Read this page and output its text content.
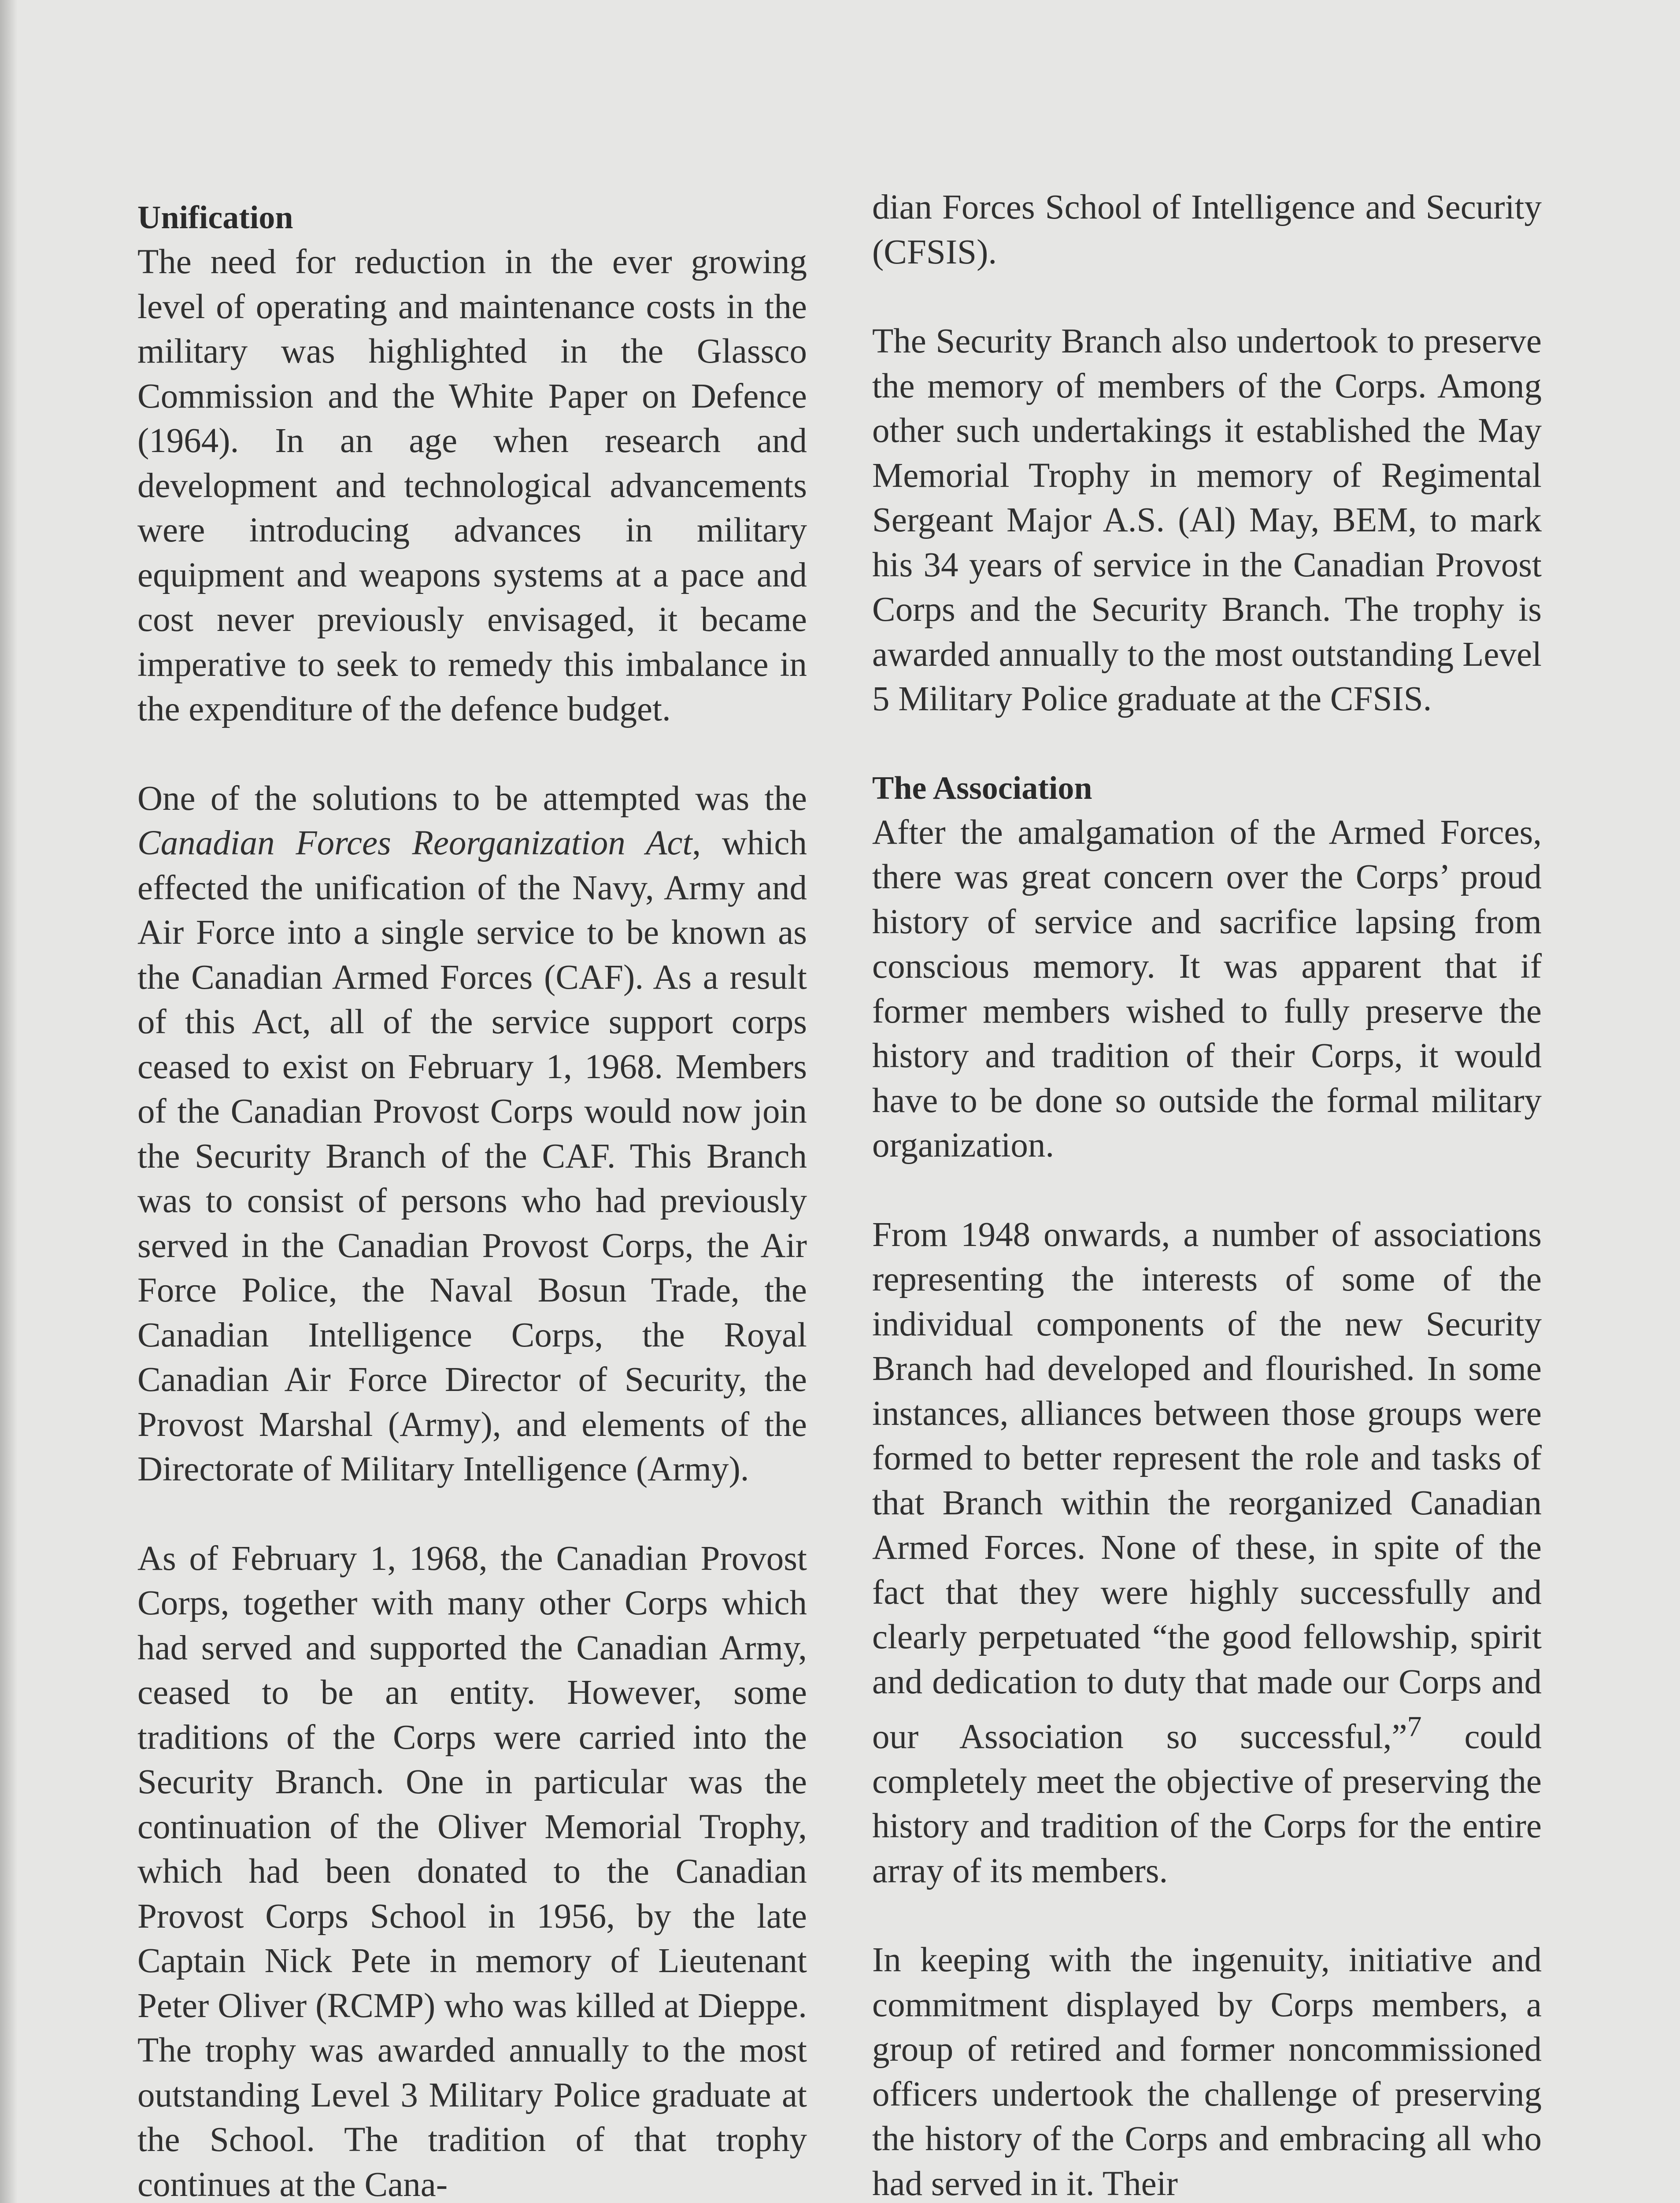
Unification

The need for reduction in the ever growing level of operating and maintenance costs in the military was highlighted in the Glassco Commission and the White Paper on Defence (1964). In an age when research and development and technological advancements were introducing advances in military equipment and weapons systems at a pace and cost never previously envisaged, it became imperative to seek to remedy this imbalance in the expenditure of the defence budget.

One of the solutions to be attempted was the Canadian Forces Reorganization Act, which effected the unification of the Navy, Army and Air Force into a single service to be known as the Canadian Armed Forces (CAF). As a result of this Act, all of the service support corps ceased to exist on February 1, 1968. Members of the Canadian Provost Corps would now join the Security Branch of the CAF. This Branch was to consist of persons who had previously served in the Canadian Provost Corps, the Air Force Police, the Naval Bosun Trade, the Canadian Intelligence Corps, the Royal Canadian Air Force Director of Security, the Provost Marshal (Army), and elements of the Directorate of Military Intelligence (Army).

As of February 1, 1968, the Canadian Provost Corps, together with many other Corps which had served and supported the Canadian Army, ceased to be an entity. However, some traditions of the Corps were carried into the Security Branch. One in particular was the continuation of the Oliver Memorial Trophy, which had been donated to the Canadian Provost Corps School in 1956, by the late Captain Nick Pete in memory of Lieutenant Peter Oliver (RCMP) who was killed at Dieppe. The trophy was awarded annually to the most outstanding Level 3 Military Police graduate at the School. The tradition of that trophy continues at the Cana-

dian Forces School of Intelligence and Security (CFSIS).

The Security Branch also undertook to preserve the memory of members of the Corps. Among other such undertakings it established the May Memorial Trophy in memory of Regimental Sergeant Major A.S. (Al) May, BEM, to mark his 34 years of service in the Canadian Provost Corps and the Security Branch. The trophy is awarded annually to the most outstanding Level 5 Military Police graduate at the CFSIS.

The Association

After the amalgamation of the Armed Forces, there was great concern over the Corps’ proud history of service and sacrifice lapsing from conscious memory. It was apparent that if former members wished to fully preserve the history and tradition of their Corps, it would have to be done so outside the formal military organization.

From 1948 onwards, a number of associations representing the interests of some of the individual components of the new Security Branch had developed and flourished. In some instances, alliances between those groups were formed to better represent the role and tasks of that Branch within the reorganized Canadian Armed Forces. None of these, in spite of the fact that they were highly successfully and clearly perpetuated “the good fellowship, spirit and dedication to duty that made our Corps and our Association so successful,”$^7$ could completely meet the objective of preserving the history and tradition of the Corps for the entire array of its members.

In keeping with the ingenuity, initiative and commitment displayed by Corps members, a group of retired and former noncommissioned officers undertook the challenge of preserving the history of the Corps and embracing all who had served in it. Their
